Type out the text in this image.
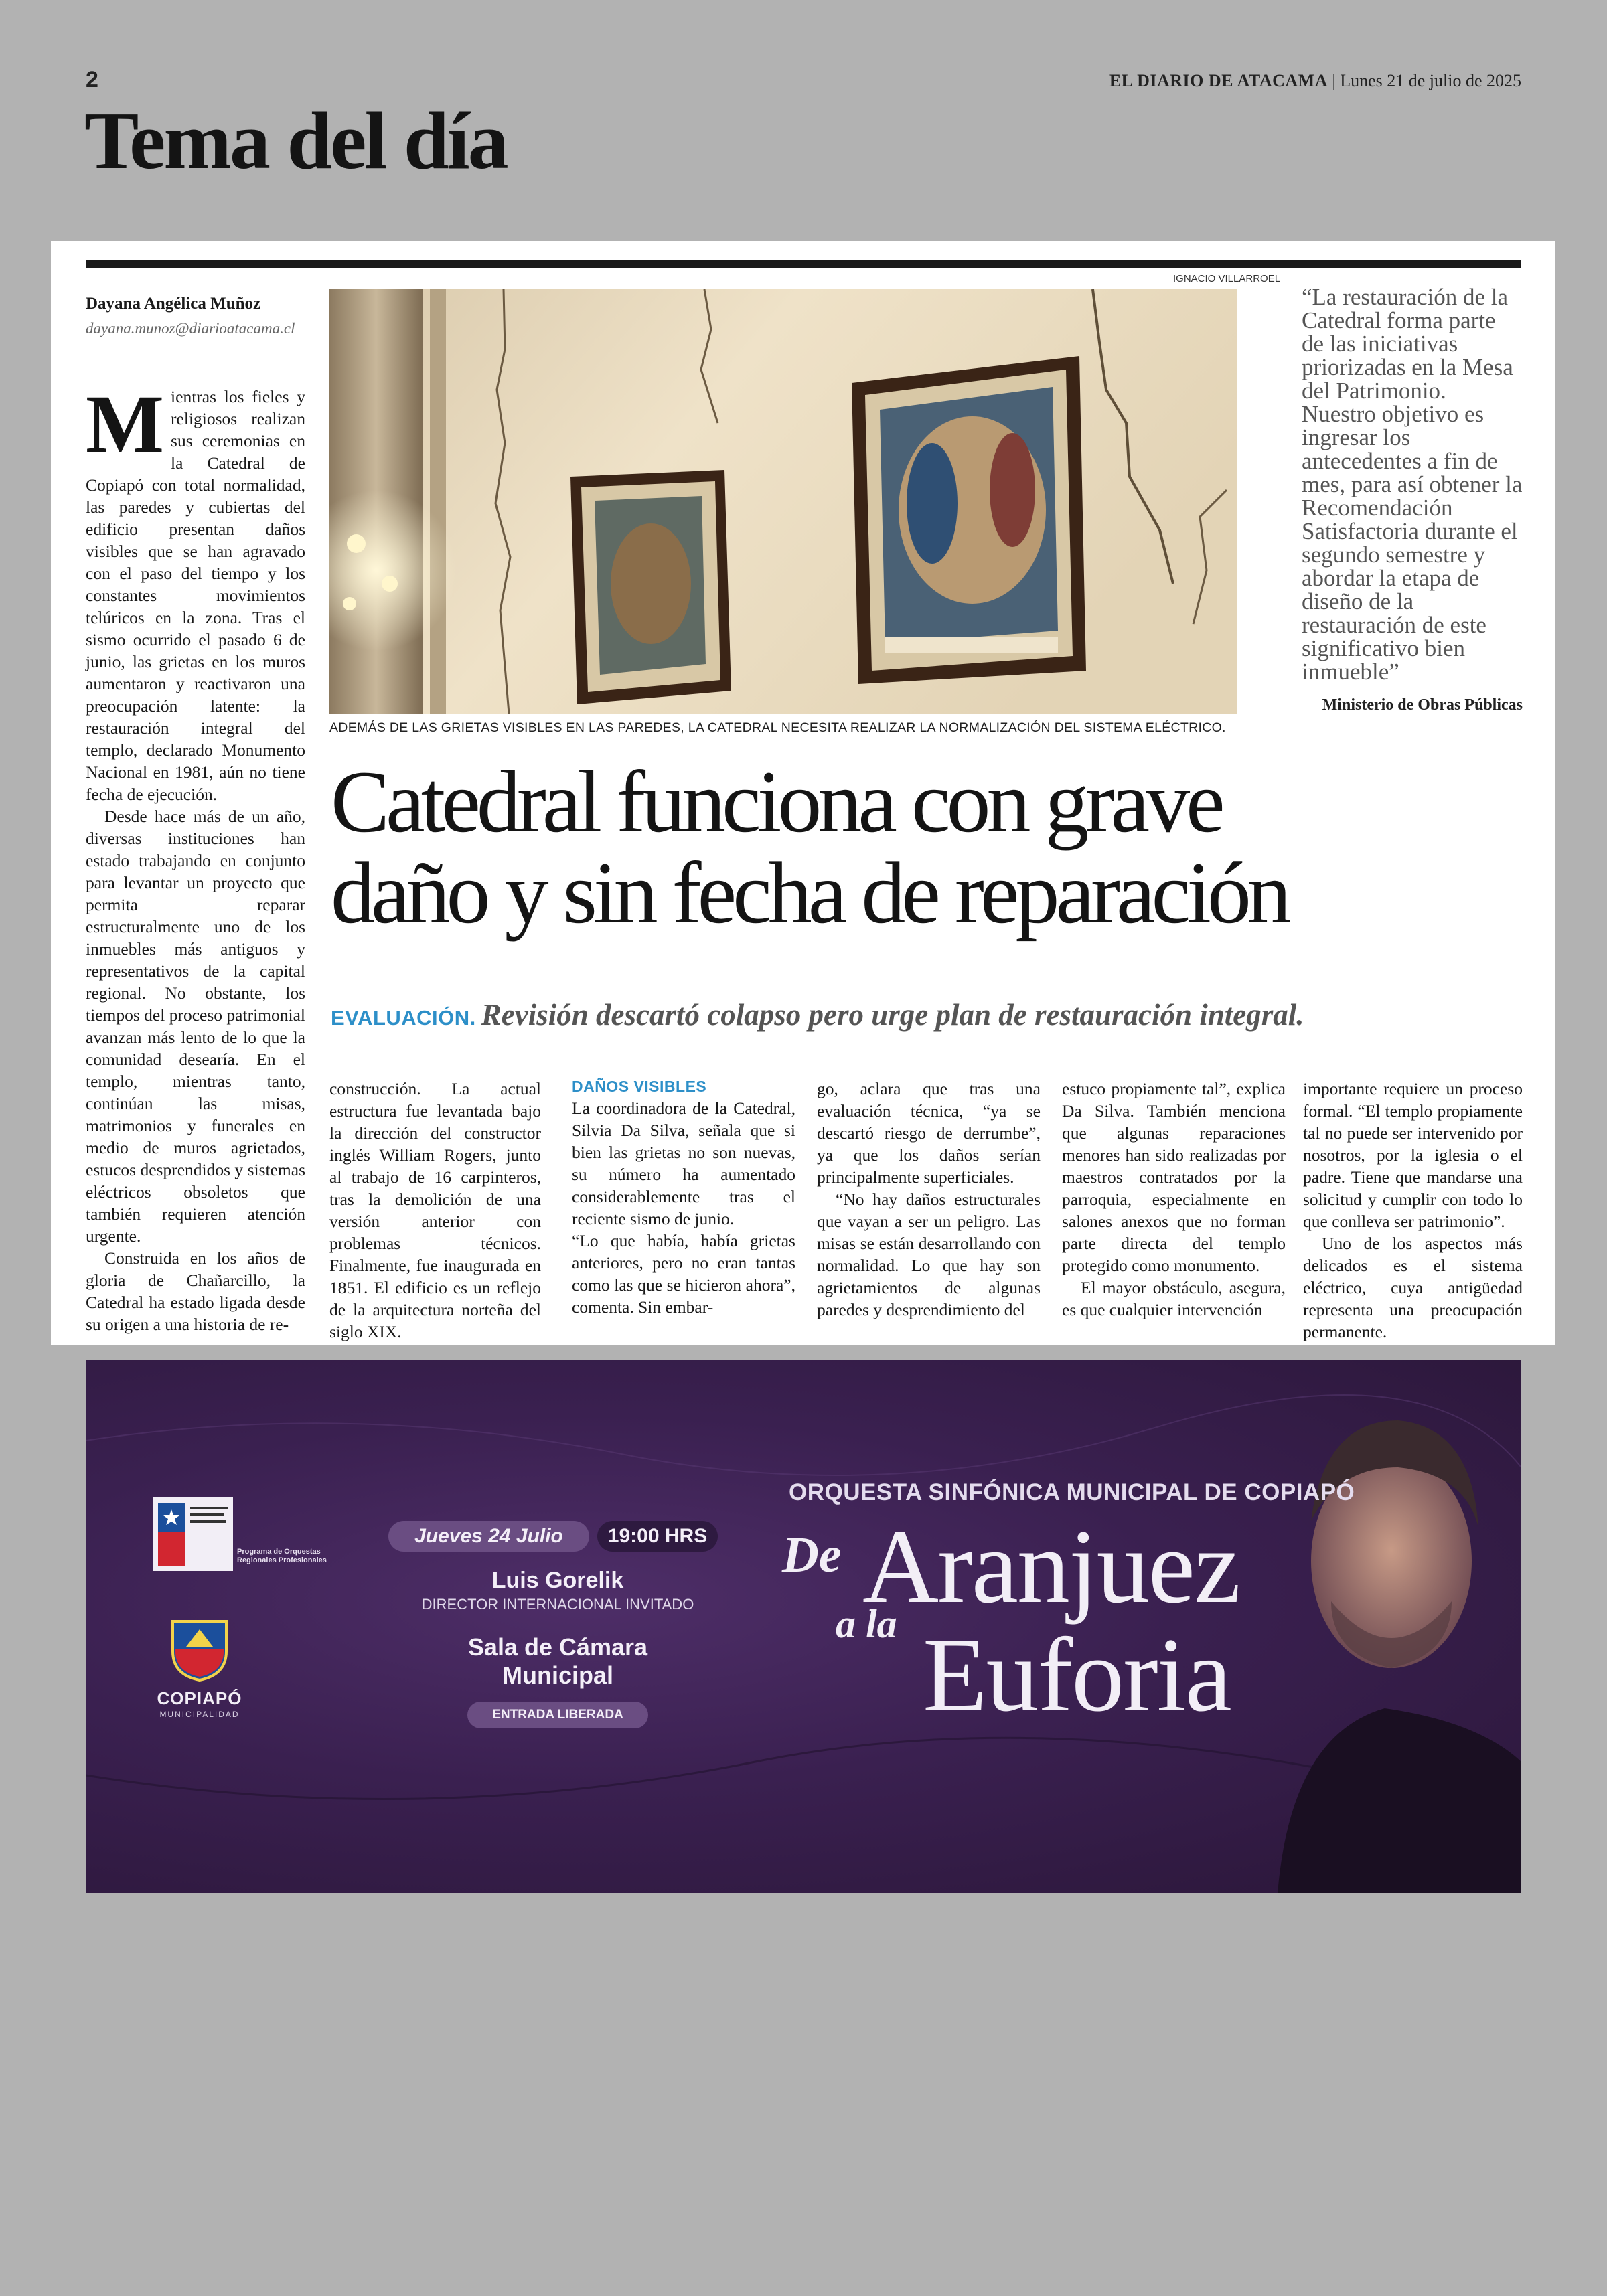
2	EL DIARIO DE ATACAMA | Lunes 21 de julio de 2025
Tema del día
Dayana Angélica Muñoz
dayana.munoz@diarioatacama.cl

Mientras los fieles y religiosos realizan sus ceremonias en la Catedral de Copiapó con total normalidad, las paredes y cubiertas del edificio presentan daños visibles que se han agravado con el paso del tiempo y los constantes movimientos telúricos en la zona. Tras el sismo ocurrido el pasado 6 de junio, las grietas en los muros aumentaron y reactivaron una preocupación latente: la restauración integral del templo, declarado Monumento Nacional en 1981, aún no tiene fecha de ejecución.

Desde hace más de un año, diversas instituciones han estado trabajando en conjunto para levantar un proyecto que permita reparar estructuralmente uno de los inmuebles más antiguos y representativos de la capital regional. No obstante, los tiempos del proceso patrimonial avanzan más lento de lo que la comunidad desearía. En el templo, mientras tanto, continúan las misas, matrimonios y funerales en medio de muros agrietados, estucos desprendidos y sistemas eléctricos obsoletos que también requieren atención urgente.

Construida en los años de gloria de Chañarcillo, la Catedral ha estado ligada desde su origen a una historia de re-

IGNACIO VILLARROEL
ADEMÁS DE LAS GRIETAS VISIBLES EN LAS PAREDES, LA CATEDRAL NECESITA REALIZAR LA NORMALIZACIÓN DEL SISTEMA ELÉCTRICO.
“La restauración de la Catedral forma parte de las iniciativas priorizadas en la Mesa del Patrimonio. Nuestro objetivo es ingresar los antecedentes a fin de mes, para así obtener la Recomendación Satisfactoria durante el segundo semestre y abordar la etapa de diseño de la restauración de este significativo bien inmueble”
Ministerio de Obras Públicas
Catedral funciona con grave
daño y sin fecha de reparación
EVALUACIÓN. Revisión descartó colapso pero urge plan de restauración integral.

construcción. La actual estructura fue levantada bajo la dirección del constructor inglés William Rogers, junto al trabajo de 16 carpinteros, tras la demolición de una versión anterior con problemas técnicos. Finalmente, fue inaugurada en 1851. El edificio es un reflejo de la arquitectura norteña del siglo XIX.

DAÑOS VISIBLES

La coordinadora de la Catedral, Silvia Da Silva, señala que si bien las grietas no son nuevas, su número ha aumentado considerablemente tras el reciente sismo de junio.

“Lo que había, había grietas anteriores, pero no eran tantas como las que se hicieron ahora”, comenta. Sin embar-

go, aclara que tras una evaluación técnica, “ya se descartó riesgo de derrumbe”, ya que los daños serían principalmente superficiales.

“No hay daños estructurales que vayan a ser un peligro. Las misas se están desarrollando con normalidad. Lo que hay son agrietamientos de algunas paredes y desprendimiento del

estuco propiamente tal”, explica Da Silva. También menciona que algunas reparaciones menores han sido realizadas por maestros contratados por la parroquia, especialmente en salones anexos que no forman parte directa del templo protegido como monumento.

El mayor obstáculo, asegura, es que cualquier intervención

importante requiere un proceso formal. “El templo propiamente tal no puede ser intervenido por nosotros, por la iglesia o el padre. Tiene que mandarse una solicitud y cumplir con todo lo que conlleva ser patrimonio”.

Uno de los aspectos más delicados es el sistema eléctrico, cuya antigüedad representa una preocupación permanente.

Programa de Orquestas Regionales Profesionales
COPIAPÓ
MUNICIPALIDAD
Jueves 24 Julio	19:00 HRS
Luis Gorelik
DIRECTOR INTERNACIONAL INVITADO
Sala de Cámara
Municipal
ENTRADA LIBERADA
ORQUESTA SINFÓNICA MUNICIPAL DE COPIAPÓ
De Aranjuez
a la Euforia
